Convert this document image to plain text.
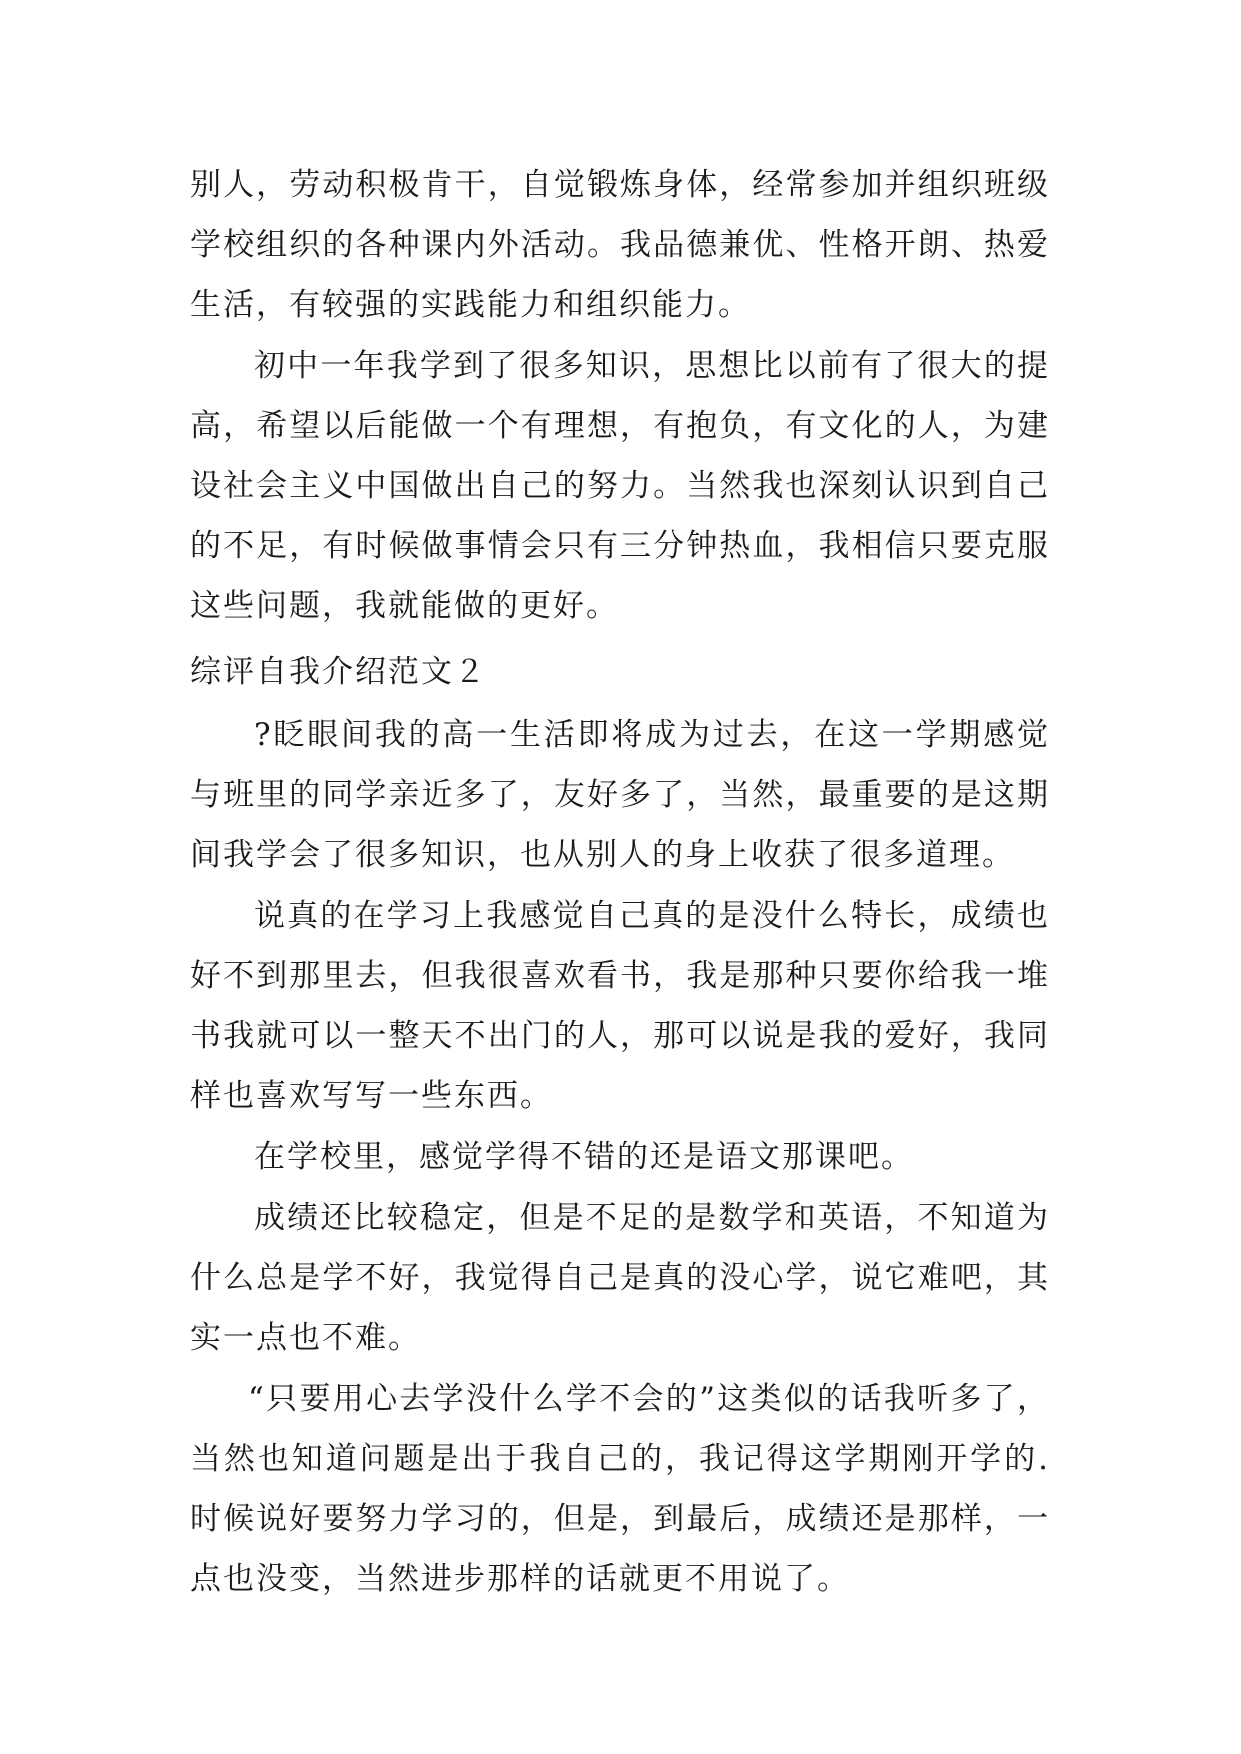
别人，劳动积极肯干，自觉锻炼身体，经常参加并组织班级学校组织的各种课内外活动。我品德兼优、性格开朗、热爱生活，有较强的实践能力和组织能力。

初中一年我学到了很多知识，思想比以前有了很大的提高，希望以后能做一个有理想，有抱负，有文化的人，为建设社会主义中国做出自己的努力。当然我也深刻认识到自己的不足，有时候做事情会只有三分钟热血，我相信只要克服这些问题，我就能做的更好。

综评自我介绍范文２

?眨眼间我的高一生活即将成为过去，在这一学期感觉与班里的同学亲近多了，友好多了，当然，最重要的是这期间我学会了很多知识，也从别人的身上收获了很多道理。

说真的在学习上我感觉自己真的是没什么特长，成绩也好不到那里去，但我很喜欢看书，我是那种只要你给我一堆书我就可以一整天不出门的人，那可以说是我的爱好，我同样也喜欢写写一些东西。

在学校里，感觉学得不错的还是语文那课吧。

成绩还比较稳定，但是不足的是数学和英语，不知道为什么总是学不好，我觉得自己是真的没心学，说它难吧，其实一点也不难。

“只要用心去学没什么学不会的”这类似的话我听多了，当然也知道问题是出于我自己的，我记得这学期刚开学的.时候说好要努力学习的，但是，到最后，成绩还是那样，一点也没变，当然进步那样的话就更不用说了。
